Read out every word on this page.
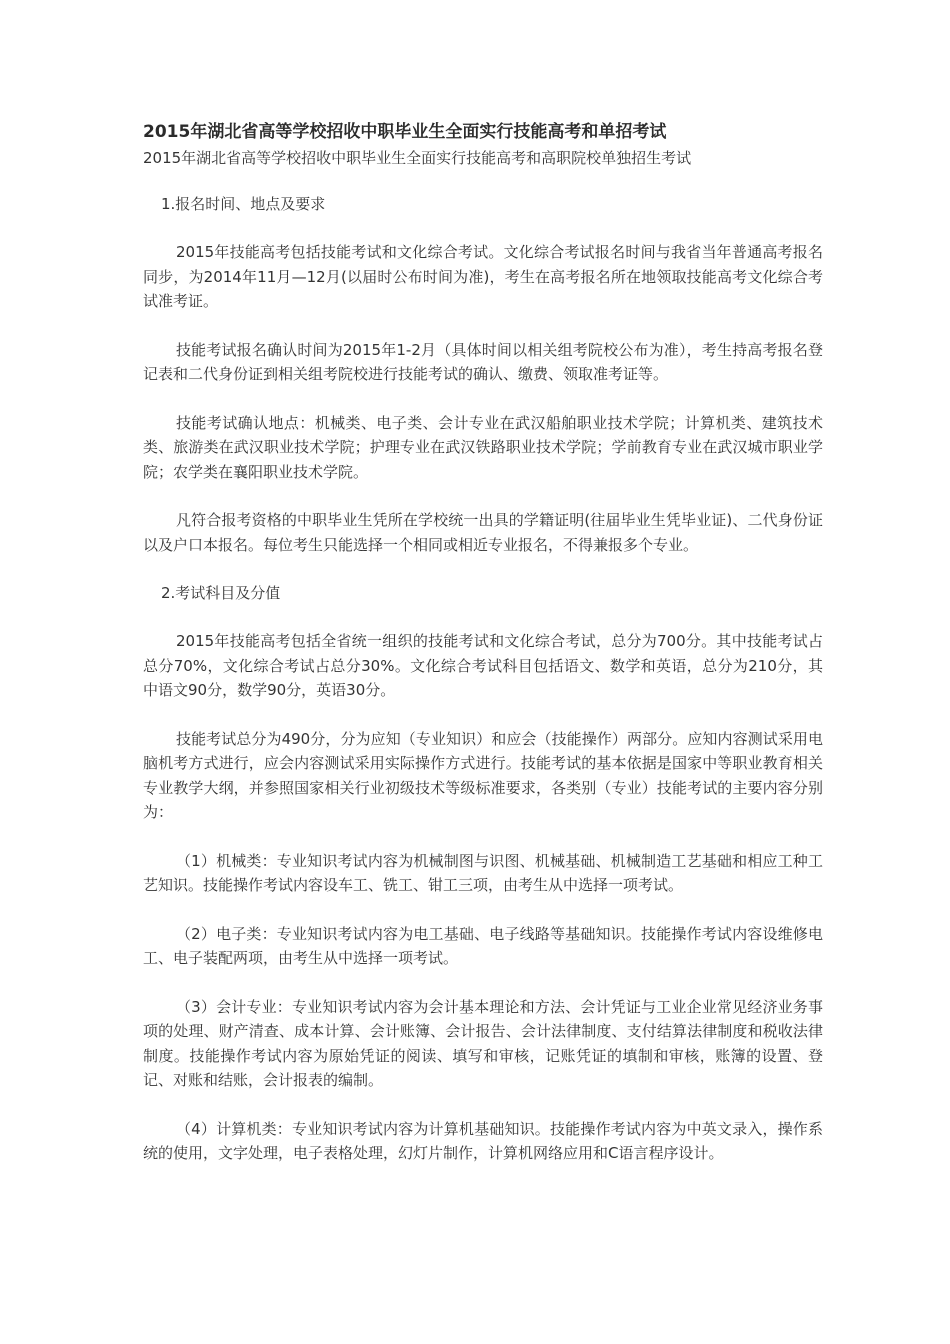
2015年湖北省高等学校招收中职毕业生全面实行技能高考和单招考试

2015年湖北省高等学校招收中职毕业生全面实行技能高考和高职院校单独招生考试

1.报名时间、地点及要求

2015年技能高考包括技能考试和文化综合考试。文化综合考试报名时间与我省当年普通高考报名同步，为2014年11月—12月(以届时公布时间为准)，考生在高考报名所在地领取技能高考文化综合考试准考证。

技能考试报名确认时间为2015年1-2月（具体时间以相关组考院校公布为准），考生持高考报名登记表和二代身份证到相关组考院校进行技能考试的确认、缴费、领取准考证等。

技能考试确认地点：机械类、电子类、会计专业在武汉船舶职业技术学院；计算机类、建筑技术类、旅游类在武汉职业技术学院；护理专业在武汉铁路职业技术学院；学前教育专业在武汉城市职业学院；农学类在襄阳职业技术学院。

凡符合报考资格的中职毕业生凭所在学校统一出具的学籍证明(往届毕业生凭毕业证)、二代身份证以及户口本报名。每位考生只能选择一个相同或相近专业报名，不得兼报多个专业。

2.考试科目及分值

2015年技能高考包括全省统一组织的技能考试和文化综合考试，总分为700分。其中技能考试占总分70%，文化综合考试占总分30%。文化综合考试科目包括语文、数学和英语，总分为210分，其中语文90分，数学90分，英语30分。

技能考试总分为490分，分为应知（专业知识）和应会（技能操作）两部分。应知内容测试采用电脑机考方式进行，应会内容测试采用实际操作方式进行。技能考试的基本依据是国家中等职业教育相关专业教学大纲，并参照国家相关行业初级技术等级标准要求，各类别（专业）技能考试的主要内容分别为：

（1）机械类：专业知识考试内容为机械制图与识图、机械基础、机械制造工艺基础和相应工种工艺知识。技能操作考试内容设车工、铣工、钳工三项，由考生从中选择一项考试。

（2）电子类：专业知识考试内容为电工基础、电子线路等基础知识。技能操作考试内容设维修电工、电子装配两项，由考生从中选择一项考试。

（3）会计专业：专业知识考试内容为会计基本理论和方法、会计凭证与工业企业常见经济业务事项的处理、财产清查、成本计算、会计账簿、会计报告、会计法律制度、支付结算法律制度和税收法律制度。技能操作考试内容为原始凭证的阅读、填写和审核，记账凭证的填制和审核，账簿的设置、登记、对账和结账，会计报表的编制。

（4）计算机类：专业知识考试内容为计算机基础知识。技能操作考试内容为中英文录入，操作系统的使用，文字处理，电子表格处理，幻灯片制作，计算机网络应用和C语言程序设计。
